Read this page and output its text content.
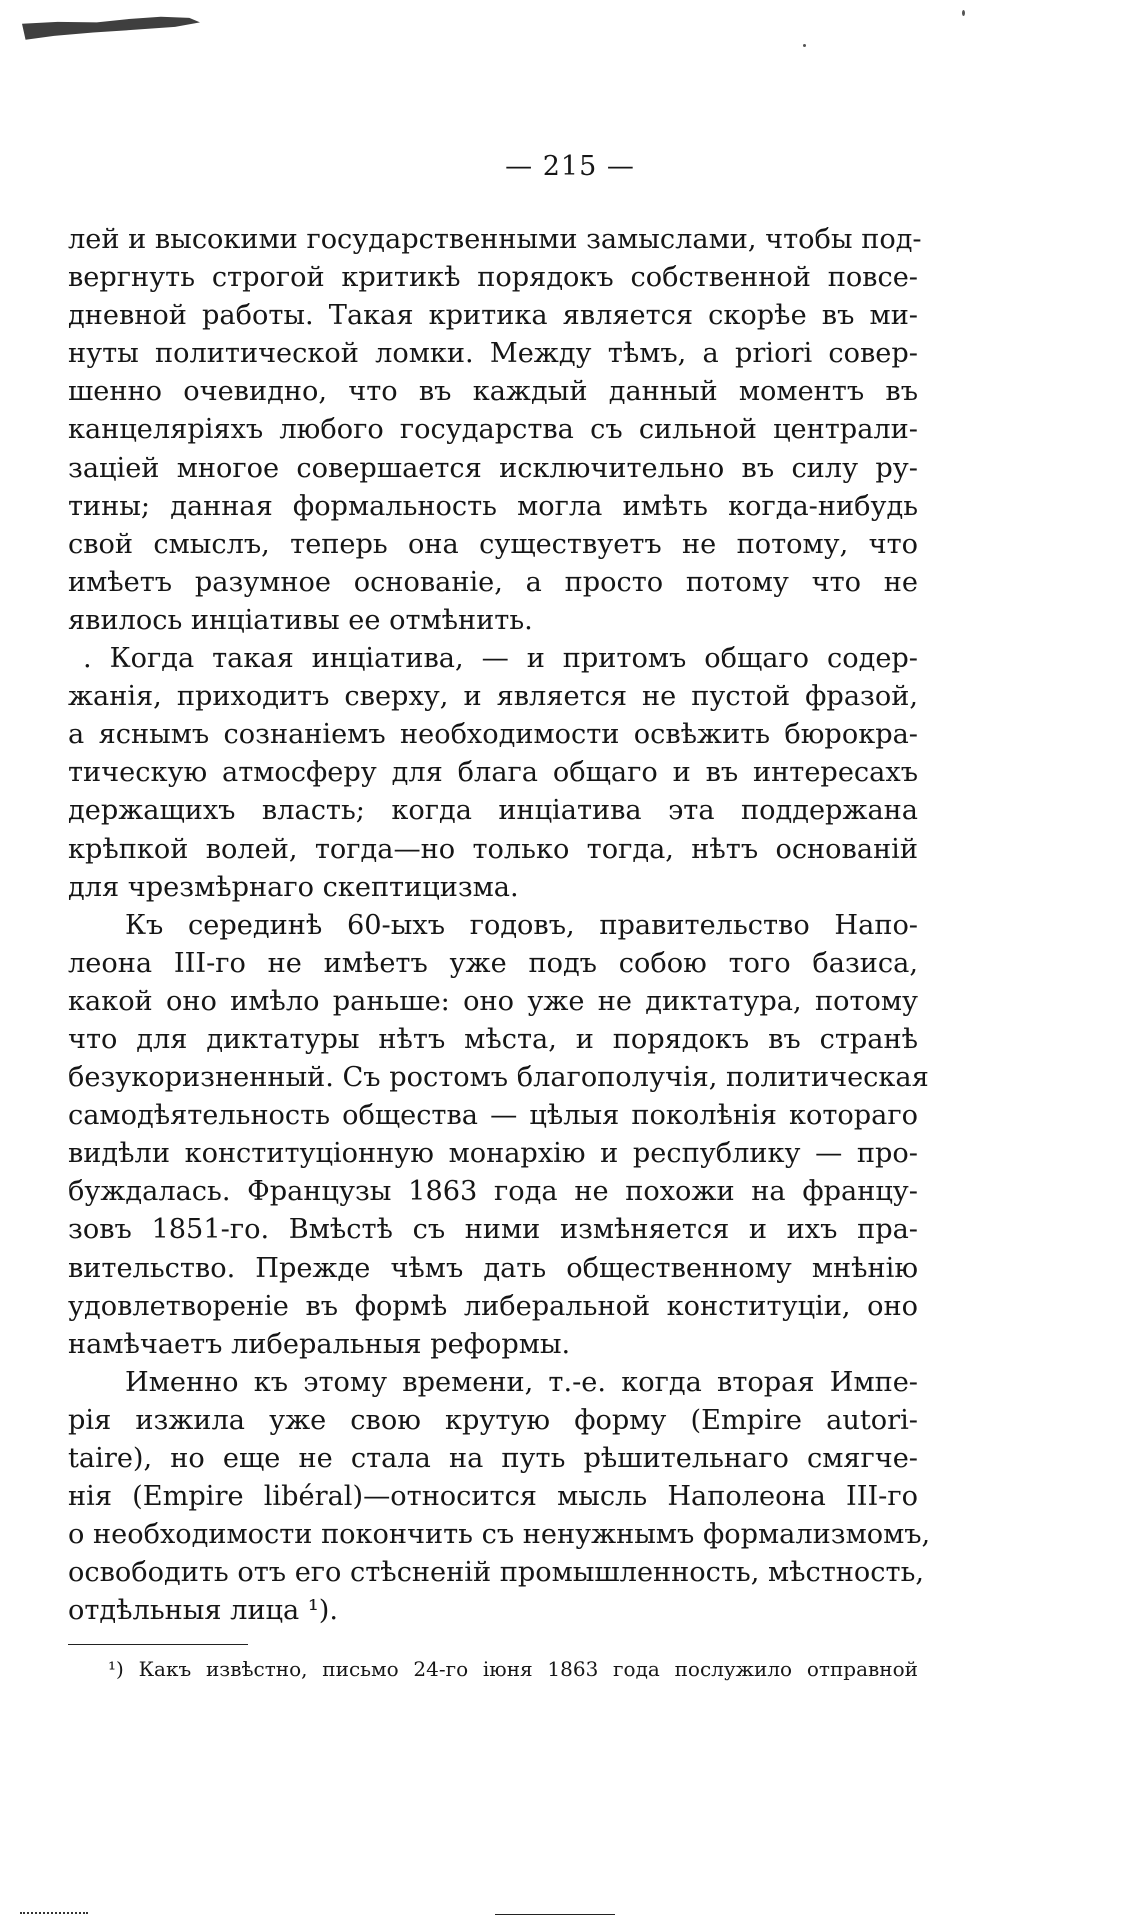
— 215 —
лей и высокими государственными замыслами, чтобы под-
вергнуть строгой критикѣ порядокъ собственной повсе-
дневной работы. Такая критика является скорѣе въ ми-
нуты политической ломки. Между тѣмъ, а priori совер-
шенно очевидно, что въ каждый данный моментъ въ
канцеляріяхъ любого государства съ сильной централи-
заціей многое совершается исключительно въ силу ру-
тины; данная формальность могла имѣть когда-нибудь
свой смыслъ, теперь она существуетъ не потому, что
имѣетъ разумное основаніе, а просто потому что не
явилось инціативы ее отмѣнить.
. Когда такая инціатива, — и притомъ общаго содер-
жанія, приходитъ сверху, и является не пустой фразой,
а яснымъ сознаніемъ необходимости освѣжить бюрокра-
тическую атмосферу для блага общаго и въ интересахъ
держащихъ власть; когда инціатива эта поддержана
крѣпкой волей, тогда—но только тогда, нѣтъ основаній
для чрезмѣрнаго скептицизма.
Къ серединѣ 60-ыхъ годовъ, правительство Напо-
леона III-го не имѣетъ уже подъ собою того базиса,
какой оно имѣло раньше: оно уже не диктатура, потому
что для диктатуры нѣтъ мѣста, и порядокъ въ странѣ
безукоризненный. Съ ростомъ благополучія, политическая
самодѣятельность общества — цѣлыя поколѣнія котораго
видѣли конституціонную монархію и республику — про-
буждалась. Французы 1863 года не похожи на францу-
зовъ 1851-го. Вмѣстѣ съ ними измѣняется и ихъ пра-
вительство. Прежде чѣмъ дать общественному мнѣнію
удовлетвореніе въ формѣ либеральной конституціи, оно
намѣчаетъ либеральныя реформы.
Именно къ этому времени, т.-е. когда вторая Импе-
рія изжила уже свою крутую форму (Empire autori-
taire), но еще не стала на путь рѣшительнаго смягче-
нія (Empire libéral)—относится мысль Наполеона III-го
о необходимости покончить съ ненужнымъ формализмомъ,
освободить отъ его стѣсненій промышленность, мѣстность,
отдѣльныя лица ¹).
¹) Какъ извѣстно, письмо 24-го іюня 1863 года послужило отправной
